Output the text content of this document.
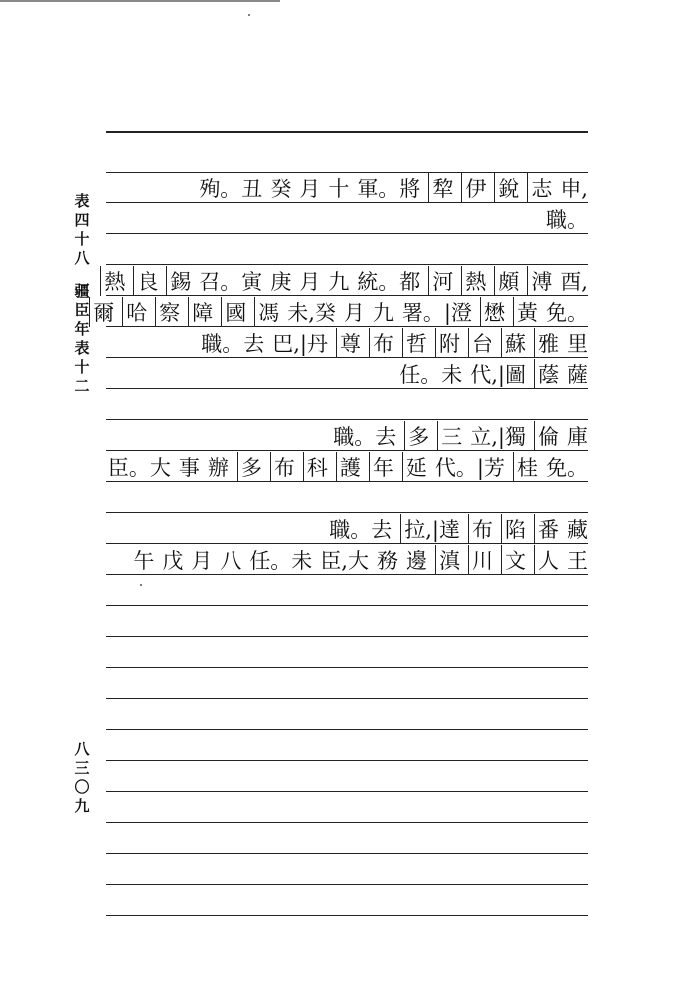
表
四
十
八
疆
臣
年
表
十
二
八
三
〇
九
殉。丑 癸 月 十 軍。將 犂 伊 銳 志 申,
職。
熱 良 錫 召。寅 庚 月 九 統。都 河 熱 頗 溥 酉,
爾 哈 察 障 國 馮 未,癸 月 九 署。|澄 懋 黃 免。
職。去 巴,|丹 尊 布 哲 附 台 蘇 雅 里
任。未 代,|圖 蔭 薩
職。去 多 三 立,|獨 倫 庫
臣。大 事 辦 多 布 科 護 年 延 代。|芳 桂 免。
職。去 拉,|達 布 陷 番 藏
午 戊 月 八 任。未 臣,大 務 邊 滇 川 文 人 王
